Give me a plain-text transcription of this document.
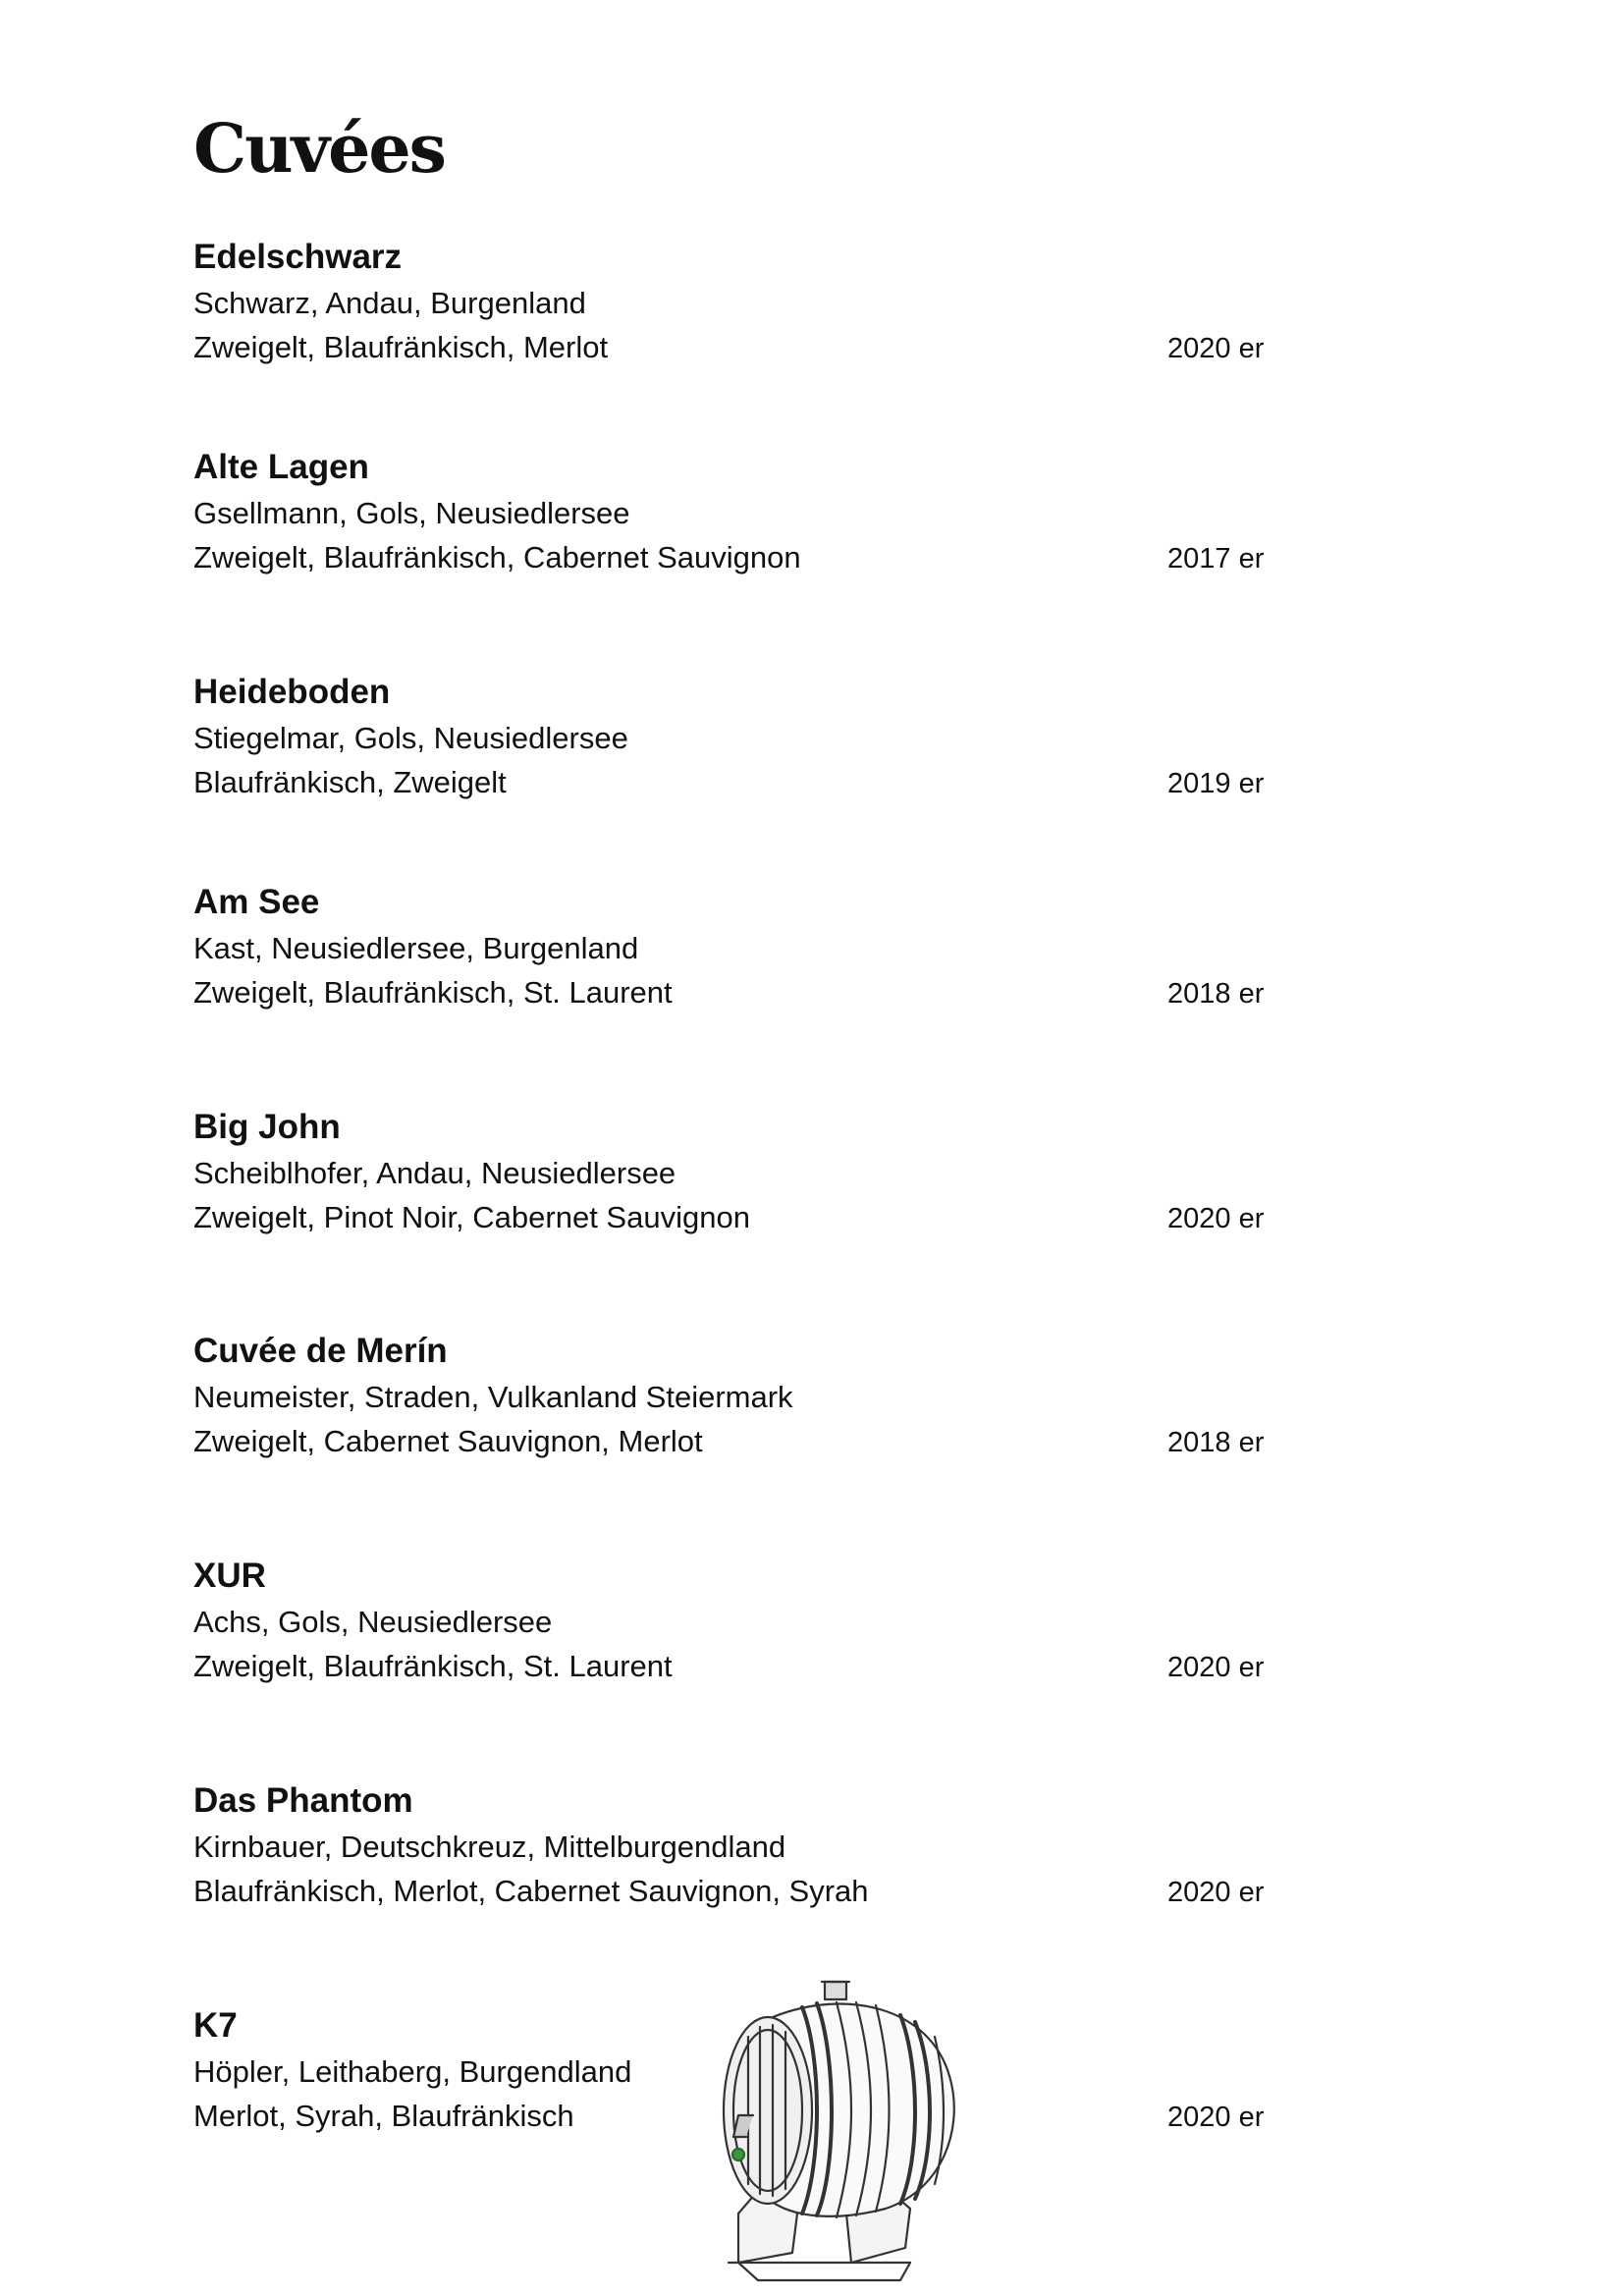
Cuvées
Edelschwarz
Schwarz, Andau, Burgenland
Zweigelt, Blaufränkisch, Merlot	2020 er
Alte Lagen
Gsellmann, Gols, Neusiedlersee
Zweigelt, Blaufränkisch, Cabernet Sauvignon	2017 er
Heideboden
Stiegelmar, Gols, Neusiedlersee
Blaufränkisch, Zweigelt	2019 er
Am See
Kast, Neusiedlersee, Burgenland
Zweigelt, Blaufränkisch, St. Laurent	2018 er
Big John
Scheiblhofer, Andau, Neusiedlersee
Zweigelt, Pinot Noir, Cabernet Sauvignon	2020 er
Cuvée de Merín
Neumeister, Straden, Vulkanland Steiermark
Zweigelt, Cabernet Sauvignon, Merlot	2018 er
XUR
Achs, Gols, Neusiedlersee
Zweigelt, Blaufränkisch, St. Laurent	2020 er
Das Phantom
Kirnbauer, Deutschkreuz, Mittelburgendland
Blaufränkisch, Merlot, Cabernet Sauvignon, Syrah	2020 er
K7
Höpler, Leithaberg, Burgendland
Merlot, Syrah, Blaufränkisch	2020 er
